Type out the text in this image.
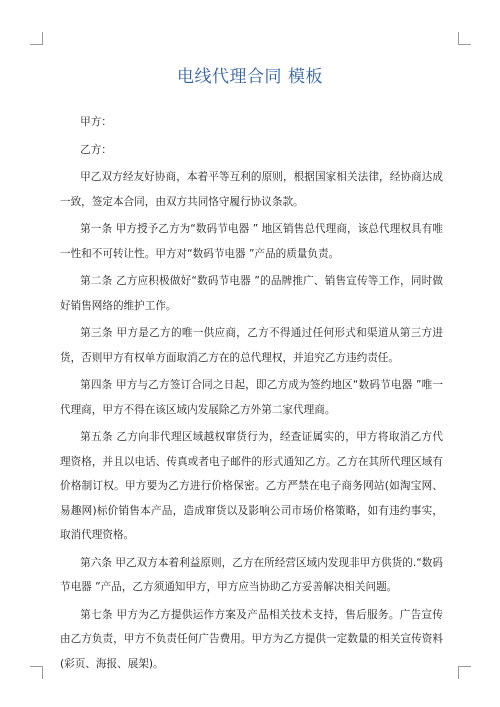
电线代理合同 模板

甲方：

乙方：

甲乙双方经友好协商，本着平等互利的原则，根据国家相关法律，经协商达成一致，签定本合同，由双方共同恪守履行协议条款。

第一条 甲方授予乙方为“数码节电器 ” 地区销售总代理商，该总代理权具有唯一性和不可转让性。甲方对“数码节电器 ”产品的质量负责。

第二条 乙方应积极做好“数码节电器 ”的品牌推广、销售宣传等工作，同时做好销售网络的维护工作。

第三条 甲方是乙方的唯一供应商，乙方不得通过任何形式和渠道从第三方进货，否则甲方有权单方面取消乙方在的总代理权，并追究乙方违约责任。

第四条 甲方与乙方签订合同之日起，即乙方成为签约地区“数码节电器 ”唯一代理商，甲方不得在该区域内发展除乙方外第二家代理商。

第五条 乙方向非代理区域越权窜货行为，经查证属实的，甲方将取消乙方代理资格，并且以电话、传真或者电子邮件的形式通知乙方。乙方在其所代理区域有价格制订权。甲方要为乙方进行价格保密。乙方严禁在电子商务网站(如淘宝网、易趣网)标价销售本产品，造成窜货以及影响公司市场价格策略，如有违约事实，取消代理资格。

第六条 甲乙双方本着利益原则，乙方在所经营区域内发现非甲方供货的.“数码节电器 ”产品，乙方须通知甲方，甲方应当协助乙方妥善解决相关问题。

第七条 甲方为乙方提供运作方案及产品相关技术支持，售后服务。广告宣传由乙方负责，甲方不负责任何广告费用。甲方为乙方提供一定数量的相关宣传资料(彩页、海报、展架)。
